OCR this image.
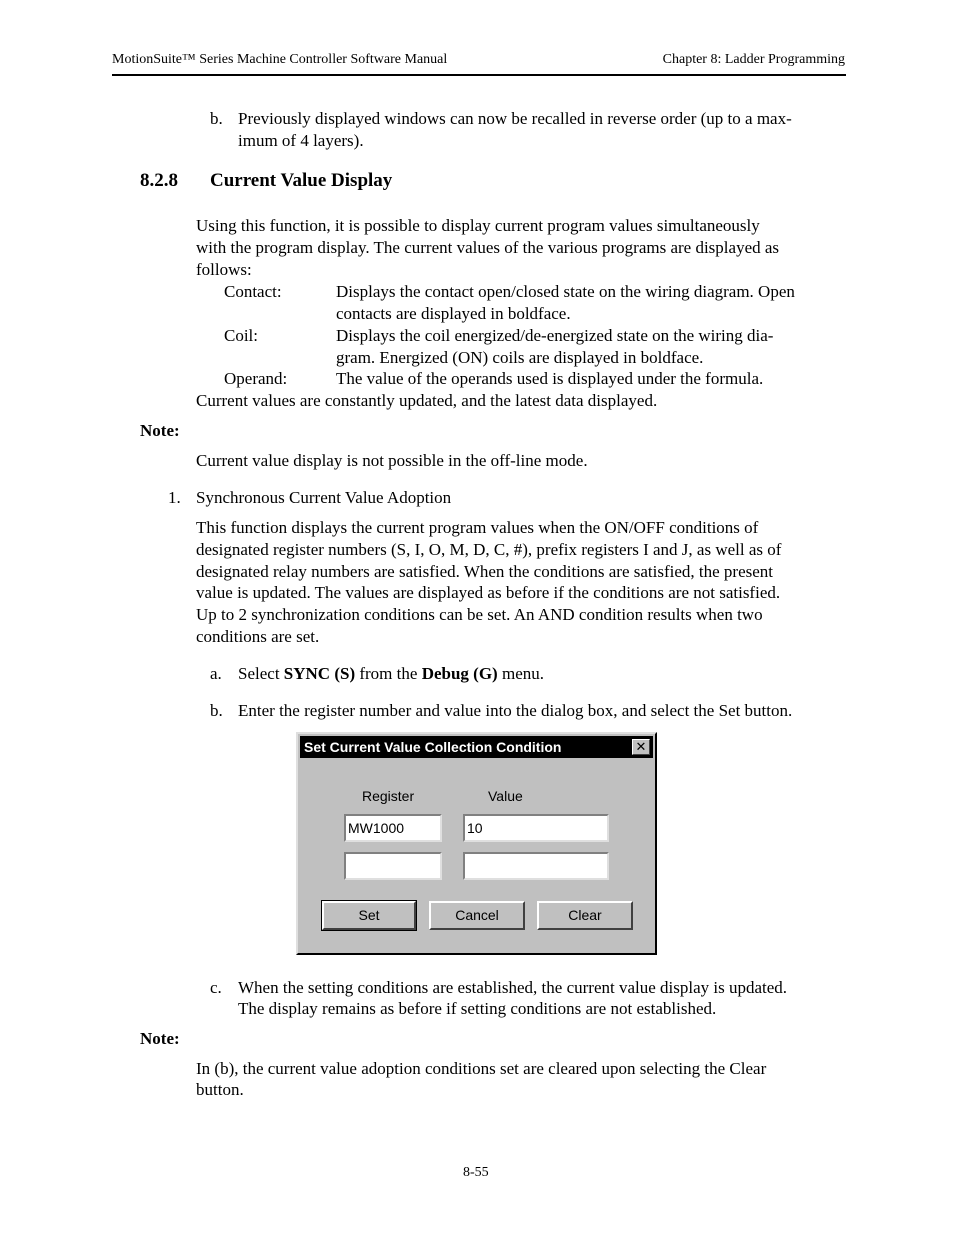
MotionSuite™ Series Machine Controller Software Manual	Chapter 8: Ladder Programming
b. Previously displayed windows can now be recalled in reverse order (up to a max-
imum of 4 layers).
8.2.8 Current Value Display
Using this function, it is possible to display current program values simultaneously
with the program display. The current values of the various programs are displayed as
follows:
Contact:	Displays the contact open/closed state on the wiring diagram. Open
contacts are displayed in boldface.
Coil:	Displays the coil energized/de-energized state on the wiring dia-
gram. Energized (ON) coils are displayed in boldface.
Operand:	The value of the operands used is displayed under the formula.
Current values are constantly updated, and the latest data displayed.
Note:
Current value display is not possible in the off-line mode.
1. Synchronous Current Value Adoption
This function displays the current program values when the ON/OFF conditions of
designated register numbers (S, I, O, M, D, C, #), prefix registers I and J, as well as of
designated relay numbers are satisfied. When the conditions are satisfied, the present
value is updated. The values are displayed as before if the conditions are not satisfied.
Up to 2 synchronization conditions can be set. An AND condition results when two
conditions are set.
a. Select SYNC (S) from the Debug (G) menu.
b. Enter the register number and value into the dialog box, and select the Set button.
Set Current Value Collection Condition	✕
Register	Value
MW1000	10
Set	Cancel	Clear
c. When the setting conditions are established, the current value display is updated.
The display remains as before if setting conditions are not established.
Note:
In (b), the current value adoption conditions set are cleared upon selecting the Clear
button.
8-55
